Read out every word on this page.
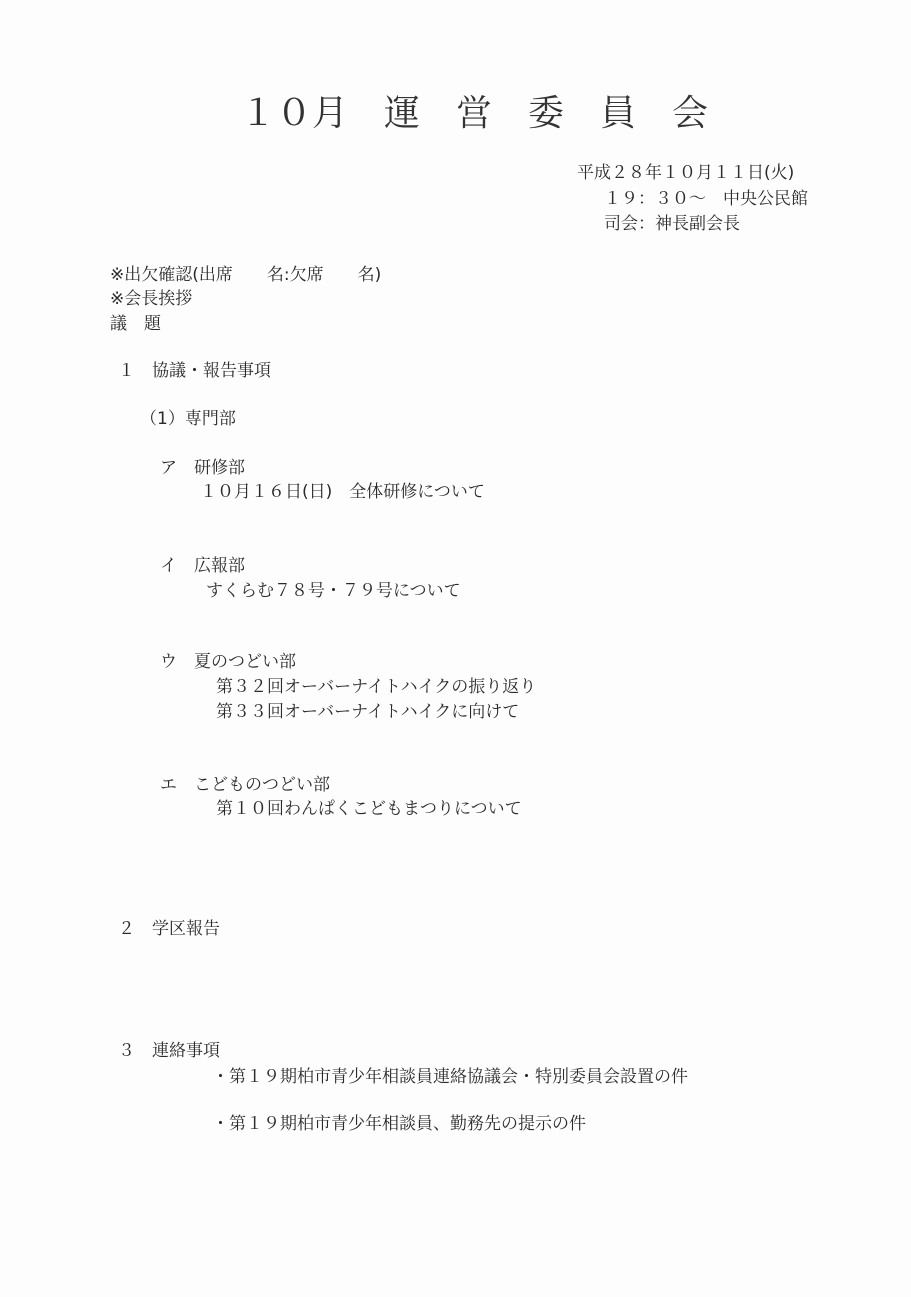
１０月　運　営　委　員　会
平成２８年１０月１１日(火)
１９：３０～　中央公民館
司会：神長副会長
※出欠確認(出席　　名:欠席　　名)
※会長挨拶
議　題
１　協議・報告事項
（1）専門部
ア　研修部
１０月１６日(日)　全体研修について
イ　広報部
すくらむ７８号・７９号について
ウ　夏のつどい部
第３２回オーバーナイトハイクの振り返り
第３３回オーバーナイトハイクに向けて
エ　こどものつどい部
第１０回わんぱくこどもまつりについて
２　学区報告
３　連絡事項
・第１９期柏市青少年相談員連絡協議会・特別委員会設置の件
・第１９期柏市青少年相談員、勤務先の提示の件
